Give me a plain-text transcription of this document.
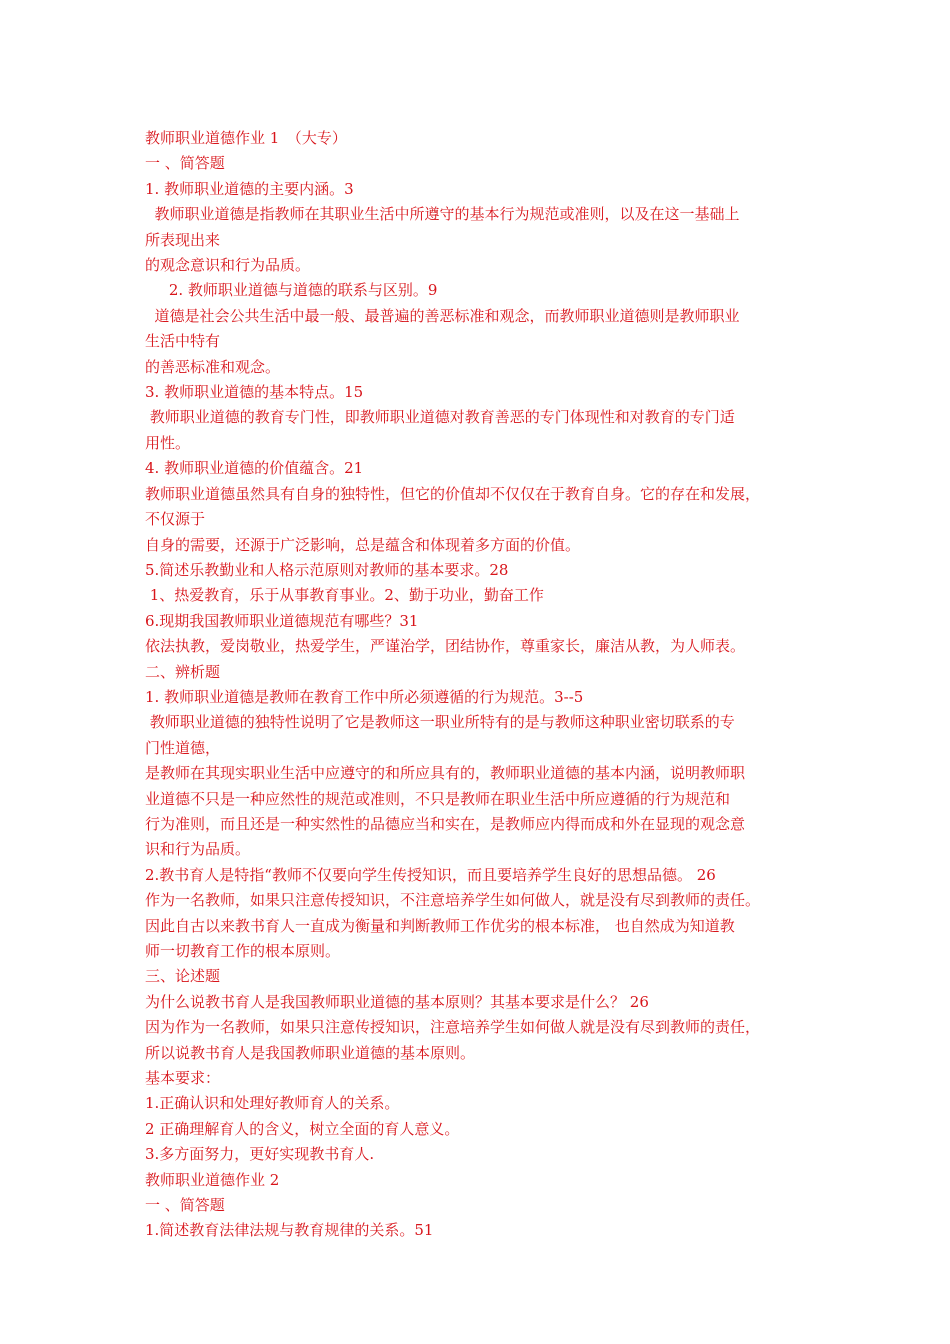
教师职业道德作业 1　（大专）
一 、简答题
1. 教师职业道德的主要内涵。3
教师职业道德是指教师在其职业生活中所遵守的基本行为规范或准则，以及在这一基础上
所表现出来
的观念意识和行为品质。
2. 教师职业道德与道德的联系与区别。9
道德是社会公共生活中最一般、最普遍的善恶标准和观念，而教师职业道德则是教师职业
生活中特有
的善恶标准和观念。
3. 教师职业道德的基本特点。15
教师职业道德的教育专门性，即教师职业道德对教育善恶的专门体现性和对教育的专门适
用性。
4. 教师职业道德的价值蕴含。21
教师职业道德虽然具有自身的独特性，但它的价值却不仅仅在于教育自身。它的存在和发展，
不仅源于
自身的需要，还源于广泛影响，总是蕴含和体现着多方面的价值。
5.简述乐教勤业和人格示范原则对教师的基本要求。28
1、热爱教育，乐于从事教育事业。2、勤于功业，勤奋工作
6.现期我国教师职业道德规范有哪些？31
依法执教，爱岗敬业，热爱学生，严谨治学，团结协作，尊重家长，廉洁从教，为人师表。
二、辨析题
1. 教师职业道德是教师在教育工作中所必须遵循的行为规范。3--5
教师职业道德的独特性说明了它是教师这一职业所特有的是与教师这种职业密切联系的专
门性道德，
是教师在其现实职业生活中应遵守的和所应具有的，教师职业道德的基本内涵，说明教师职
业道德不只是一种应然性的规范或准则，不只是教师在职业生活中所应遵循的行为规范和
行为准则，而且还是一种实然性的品德应当和实在，是教师应内得而成和外在显现的观念意
识和行为品质。
2.教书育人是特指“教师不仅要向学生传授知识，而且要培养学生良好的思想品德。 26
作为一名教师，如果只注意传授知识，不注意培养学生如何做人，就是没有尽到教师的责任。
因此自古以来教书育人一直成为衡量和判断教师工作优劣的根本标准， 也自然成为知道教
师一切教育工作的根本原则。
三、论述题
为什么说教书育人是我国教师职业道德的基本原则？其基本要求是什么？ 26
因为作为一名教师，如果只注意传授知识，注意培养学生如何做人就是没有尽到教师的责任，
所以说教书育人是我国教师职业道德的基本原则。
基本要求：
1.正确认识和处理好教师育人的关系。
2 正确理解育人的含义，树立全面的育人意义。
3.多方面努力，更好实现教书育人.
教师职业道德作业 2
一 、简答题
1.简述教育法律法规与教育规律的关系。51
